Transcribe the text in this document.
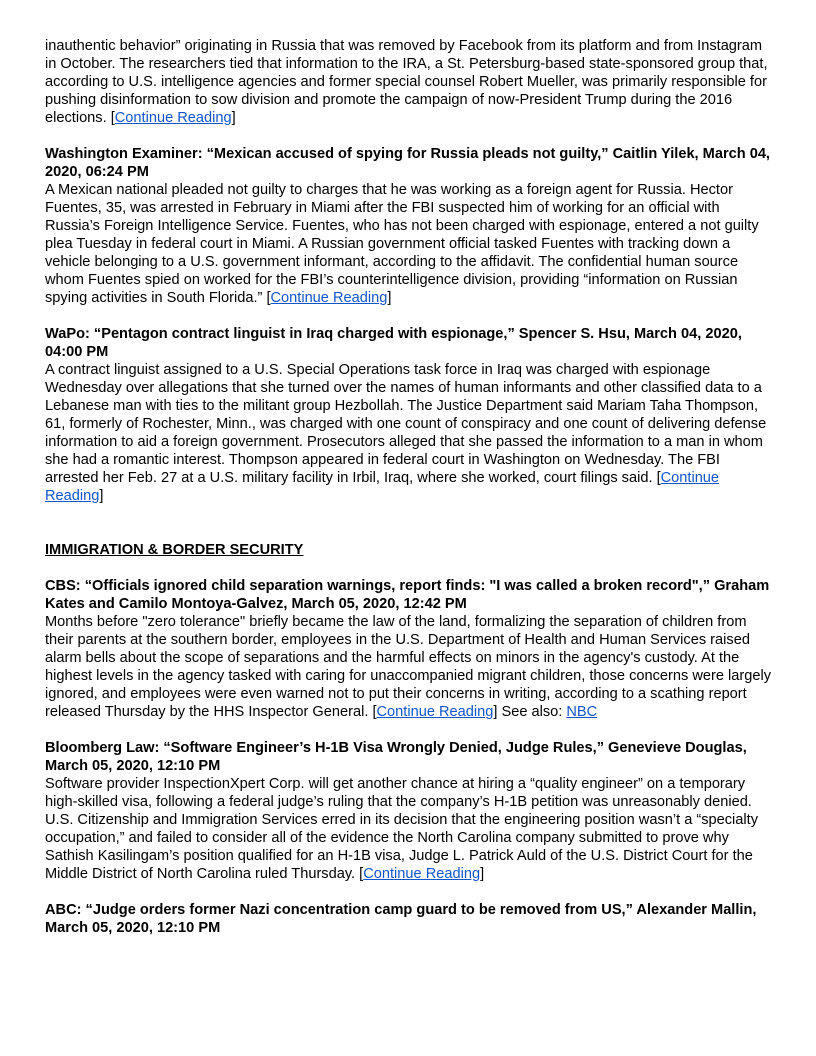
inauthentic behavior” originating in Russia that was removed by Facebook from its platform and from Instagram in October. The researchers tied that information to the IRA, a St. Petersburg-based state-sponsored group that, according to U.S. intelligence agencies and former special counsel Robert Mueller, was primarily responsible for pushing disinformation to sow division and promote the campaign of now-President Trump during the 2016 elections. [Continue Reading]

Washington Examiner: “Mexican accused of spying for Russia pleads not guilty,” Caitlin Yilek, March 04, 2020, 06:24 PM

A Mexican national pleaded not guilty to charges that he was working as a foreign agent for Russia. Hector Fuentes, 35, was arrested in February in Miami after the FBI suspected him of working for an official with Russia’s Foreign Intelligence Service. Fuentes, who has not been charged with espionage, entered a not guilty plea Tuesday in federal court in Miami. A Russian government official tasked Fuentes with tracking down a vehicle belonging to a U.S. government informant, according to the affidavit. The confidential human source whom Fuentes spied on worked for the FBI’s counterintelligence division, providing “information on Russian spying activities in South Florida.” [Continue Reading]

WaPo: “Pentagon contract linguist in Iraq charged with espionage,” Spencer S. Hsu, March 04, 2020, 04:00 PM

A contract linguist assigned to a U.S. Special Operations task force in Iraq was charged with espionage Wednesday over allegations that she turned over the names of human informants and other classified data to a Lebanese man with ties to the militant group Hezbollah. The Justice Department said Mariam Taha Thompson, 61, formerly of Rochester, Minn., was charged with one count of conspiracy and one count of delivering defense information to aid a foreign government. Prosecutors alleged that she passed the information to a man in whom she had a romantic interest. Thompson appeared in federal court in Washington on Wednesday. The FBI arrested her Feb. 27 at a U.S. military facility in Irbil, Iraq, where she worked, court filings said. [Continue Reading]

IMMIGRATION & BORDER SECURITY

CBS: “Officials ignored child separation warnings, report finds: "I was called a broken record",” Graham Kates and Camilo Montoya-Galvez, March 05, 2020, 12:42 PM

Months before "zero tolerance" briefly became the law of the land, formalizing the separation of children from their parents at the southern border, employees in the U.S. Department of Health and Human Services raised alarm bells about the scope of separations and the harmful effects on minors in the agency's custody. At the highest levels in the agency tasked with caring for unaccompanied migrant children, those concerns were largely ignored, and employees were even warned not to put their concerns in writing, according to a scathing report released Thursday by the HHS Inspector General. [Continue Reading] See also: NBC

Bloomberg Law: “Software Engineer’s H-1B Visa Wrongly Denied, Judge Rules,” Genevieve Douglas, March 05, 2020, 12:10 PM

Software provider InspectionXpert Corp. will get another chance at hiring a “quality engineer” on a temporary high-skilled visa, following a federal judge’s ruling that the company’s H-1B petition was unreasonably denied. U.S. Citizenship and Immigration Services erred in its decision that the engineering position wasn’t a “specialty occupation,” and failed to consider all of the evidence the North Carolina company submitted to prove why Sathish Kasilingam’s position qualified for an H-1B visa, Judge L. Patrick Auld of the U.S. District Court for the Middle District of North Carolina ruled Thursday. [Continue Reading]

ABC: “Judge orders former Nazi concentration camp guard to be removed from US,” Alexander Mallin, March 05, 2020, 12:10 PM
